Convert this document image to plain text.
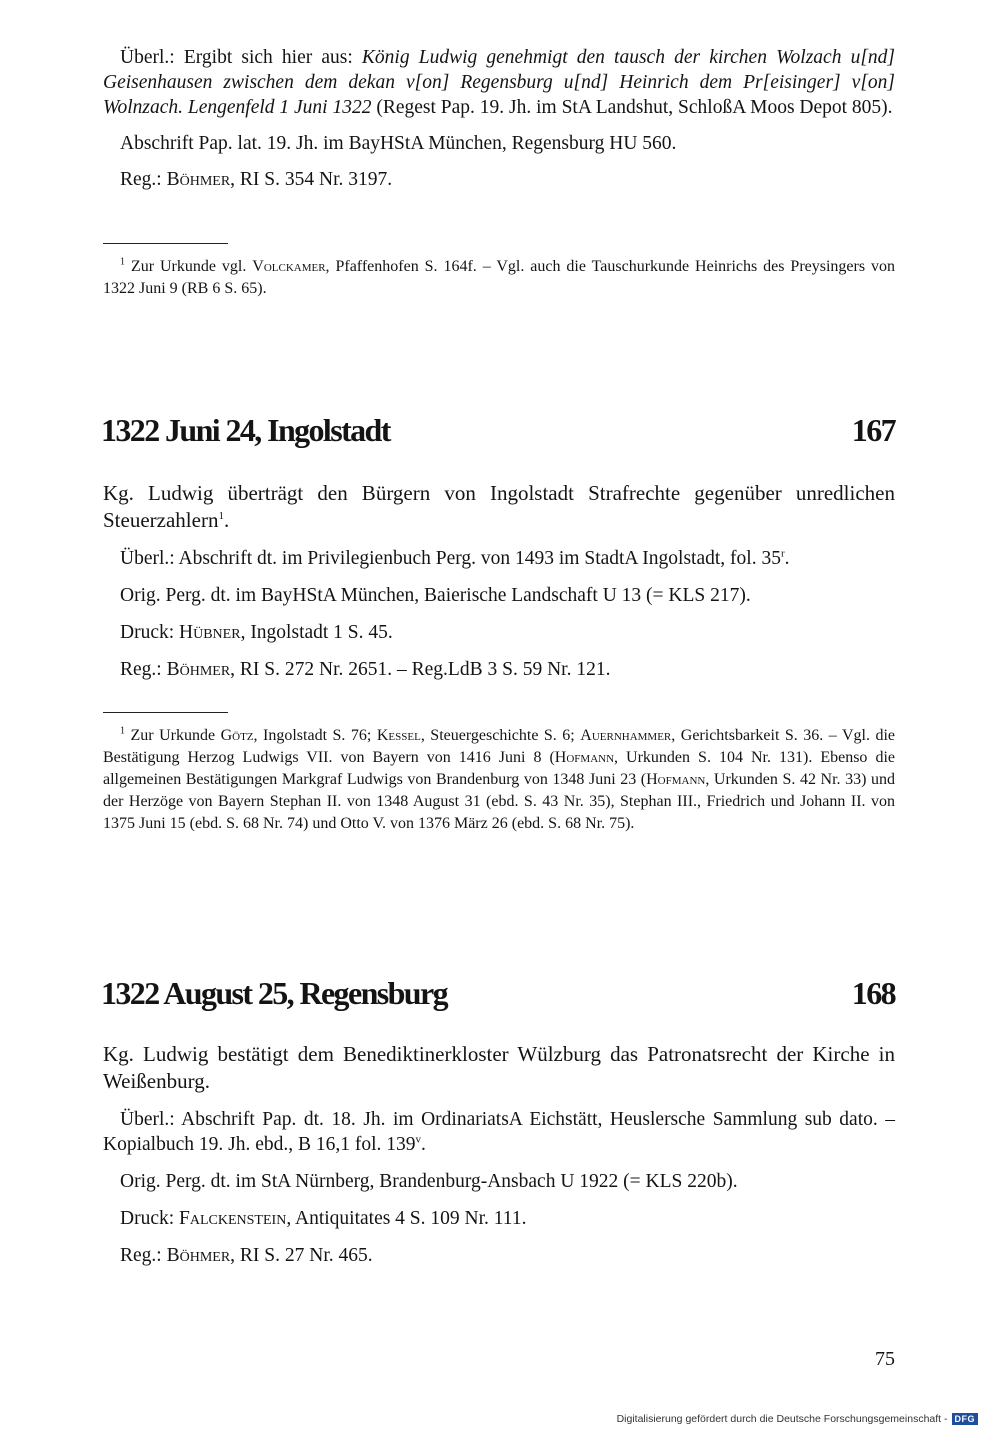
Überl.: Ergibt sich hier aus: König Ludwig genehmigt den tausch der kirchen Wolzach u[nd] Geisenhausen zwischen dem dekan v[on] Regensburg u[nd] Heinrich dem Pr[eisinger] v[on] Wolnzach. Lengenfeld 1 Juni 1322 (Regest Pap. 19. Jh. im StA Landshut, SchloßA Moos Depot 805).

Abschrift Pap. lat. 19. Jh. im BayHStA München, Regensburg HU 560.

Reg.: Böhmer, RI S. 354 Nr. 3197.

$^1$ Zur Urkunde vgl. Volckamer, Pfaffenhofen S. 164f. – Vgl. auch die Tauschurkunde Heinrichs des Preysingers von 1322 Juni 9 (RB 6 S. 65).

1322 Juni 24, Ingolstadt	167

Kg. Ludwig überträgt den Bürgern von Ingolstadt Strafrechte gegenüber unredlichen Steuerzahlern$^1$.

Überl.: Abschrift dt. im Privilegienbuch Perg. von 1493 im StadtA Ingolstadt, fol. 35$^r$.

Orig. Perg. dt. im BayHStA München, Baierische Landschaft U 13 (= KLS 217).

Druck: Hübner, Ingolstadt 1 S. 45.

Reg.: Böhmer, RI S. 272 Nr. 2651. – Reg.LdB 3 S. 59 Nr. 121.

$^1$ Zur Urkunde Götz, Ingolstadt S. 76; Kessel, Steuergeschichte S. 6; Auernhammer, Gerichtsbarkeit S. 36. – Vgl. die Bestätigung Herzog Ludwigs VII. von Bayern von 1416 Juni 8 (Hofmann, Urkunden S. 104 Nr. 131). Ebenso die allgemeinen Bestätigungen Markgraf Ludwigs von Brandenburg von 1348 Juni 23 (Hofmann, Urkunden S. 42 Nr. 33) und der Herzöge von Bayern Stephan II. von 1348 August 31 (ebd. S. 43 Nr. 35), Stephan III., Friedrich und Johann II. von 1375 Juni 15 (ebd. S. 68 Nr. 74) und Otto V. von 1376 März 26 (ebd. S. 68 Nr. 75).

1322 August 25, Regensburg	168

Kg. Ludwig bestätigt dem Benediktinerkloster Wülzburg das Patronatsrecht der Kirche in Weißenburg.

Überl.: Abschrift Pap. dt. 18. Jh. im OrdinariatsA Eichstätt, Heuslersche Sammlung sub dato. – Kopialbuch 19. Jh. ebd., B 16,1 fol. 139$^v$.

Orig. Perg. dt. im StA Nürnberg, Brandenburg-Ansbach U 1922 (= KLS 220b).

Druck: Falckenstein, Antiquitates 4 S. 109 Nr. 111.

Reg.: Böhmer, RI S. 27 Nr. 465.

75
Digitalisierung gefördert durch die Deutsche Forschungsgemeinschaft - DFG
